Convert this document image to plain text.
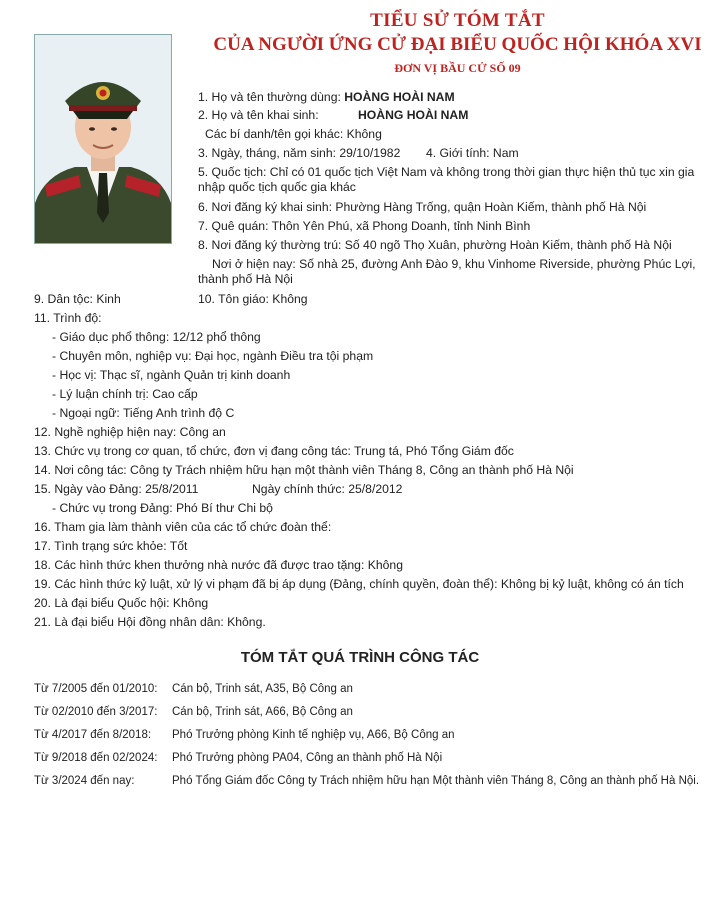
TIỂU SỬ TÓM TẮT
CỦA NGƯỜI ỨNG CỬ ĐẠI BIỂU QUỐC HỘI KHÓA XVI
ĐƠN VỊ BẦU CỬ SỐ 09
1. Họ và tên thường dùng: HOÀNG HOÀI NAM
2. Họ và tên khai sinh:	HOÀNG HOÀI NAM
Các bí danh/tên gọi khác: Không
3. Ngày, tháng, năm sinh: 29/10/1982 4. Giới tính: Nam
5. Quốc tịch: Chỉ có 01 quốc tịch Việt Nam và không trong thời gian thực hiện thủ tục xin gia nhập quốc tịch quốc gia khác
6. Nơi đăng ký khai sinh: Phường Hàng Trống, quận Hoàn Kiếm, thành phố Hà Nội
7. Quê quán: Thôn Yên Phú, xã Phong Doanh, tỉnh Ninh Bình
8. Nơi đăng ký thường trú: Số 40 ngõ Thọ Xuân, phường Hoàn Kiếm, thành phố Hà Nội
Nơi ở hiện nay: Số nhà 25, đường Anh Đào 9, khu Vinhome Riverside, phường Phúc Lợi, thành phố Hà Nội
9. Dân tộc: Kinh	10. Tôn giáo: Không
11. Trình độ:
- Giáo dục phổ thông: 12/12 phổ thông
- Chuyên môn, nghiệp vụ: Đại học, ngành Điều tra tội phạm
- Học vị: Thạc sĩ, ngành Quản trị kinh doanh
- Lý luận chính trị: Cao cấp
- Ngoại ngữ: Tiếng Anh trình độ C
12. Nghề nghiệp hiện nay: Công an
13. Chức vụ trong cơ quan, tổ chức, đơn vị đang công tác: Trung tá, Phó Tổng Giám đốc
14. Nơi công tác: Công ty Trách nhiệm hữu hạn một thành viên Tháng 8, Công an thành phố Hà Nội
15. Ngày vào Đảng: 25/8/2011	Ngày chính thức: 25/8/2012
- Chức vụ trong Đảng: Phó Bí thư Chi bộ
16. Tham gia làm thành viên của các tổ chức đoàn thể:
17. Tình trạng sức khỏe: Tốt
18. Các hình thức khen thưởng nhà nước đã được trao tặng: Không
19. Các hình thức kỷ luật, xử lý vi phạm đã bị áp dụng (Đảng, chính quyền, đoàn thể): Không bị kỷ luật, không có án tích
20. Là đại biểu Quốc hội: Không
21. Là đại biểu Hội đồng nhân dân: Không.
TÓM TẮT QUÁ TRÌNH CÔNG TÁC
Từ 7/2005 đến 01/2010: Cán bộ, Trinh sát, A35, Bộ Công an
Từ 02/2010 đến 3/2017: Cán bộ, Trinh sát, A66, Bộ Công an
Từ 4/2017 đến 8/2018: Phó Trưởng phòng Kinh tế nghiệp vụ, A66, Bộ Công an
Từ 9/2018 đến 02/2024: Phó Trưởng phòng PA04, Công an thành phố Hà Nội
Từ 3/2024 đến nay:	Phó Tổng Giám đốc Công ty Trách nhiệm hữu hạn Một thành viên Tháng 8, Công an thành phố Hà Nội.
